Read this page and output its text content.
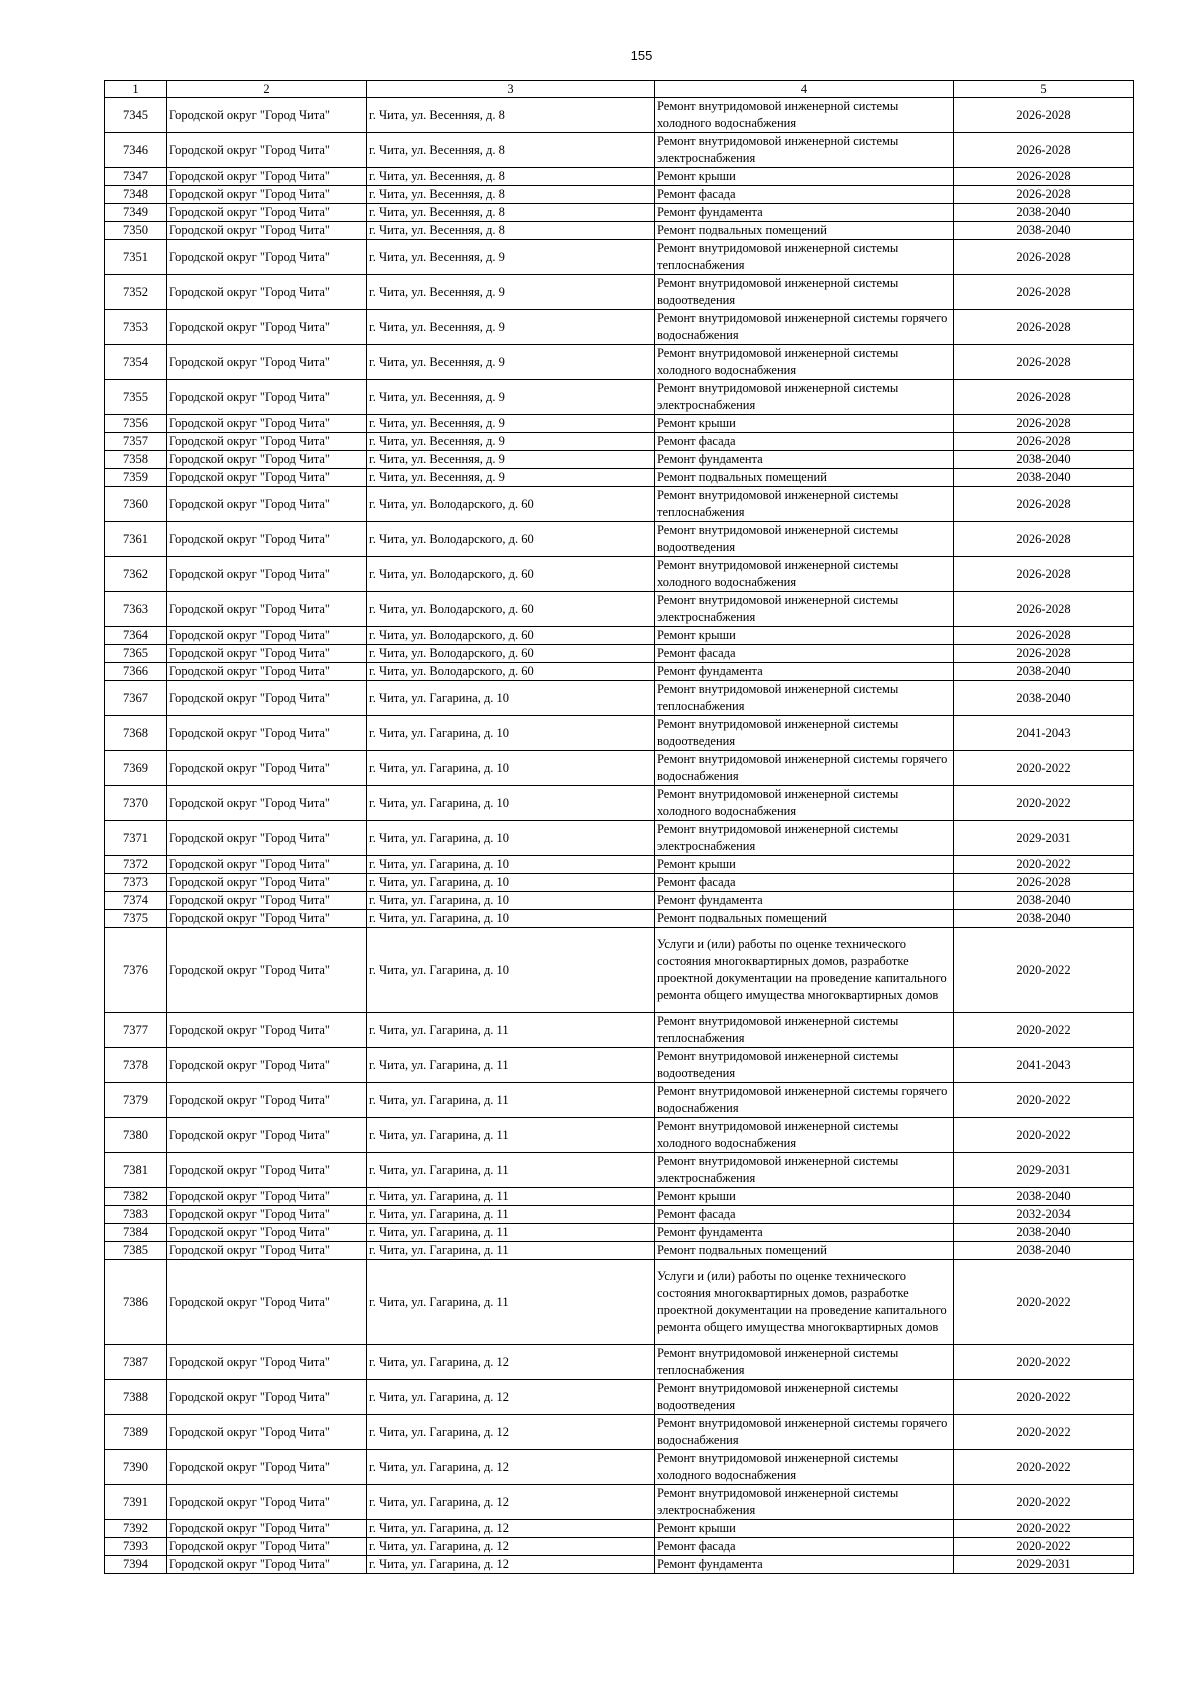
155
1	2	3	4	5
7345	Городской округ "Город Чита"	г. Чита, ул. Весенняя, д. 8	Ремонт внутридомовой инженерной системы холодного водоснабжения	2026-2028
7346	Городской округ "Город Чита"	г. Чита, ул. Весенняя, д. 8	Ремонт внутридомовой инженерной системы электроснабжения	2026-2028
7347	Городской округ "Город Чита"	г. Чита, ул. Весенняя, д. 8	Ремонт крыши	2026-2028
7348	Городской округ "Город Чита"	г. Чита, ул. Весенняя, д. 8	Ремонт фасада	2026-2028
7349	Городской округ "Город Чита"	г. Чита, ул. Весенняя, д. 8	Ремонт фундамента	2038-2040
7350	Городской округ "Город Чита"	г. Чита, ул. Весенняя, д. 8	Ремонт подвальных помещений	2038-2040
7351	Городской округ "Город Чита"	г. Чита, ул. Весенняя, д. 9	Ремонт внутридомовой инженерной системы теплоснабжения	2026-2028
7352	Городской округ "Город Чита"	г. Чита, ул. Весенняя, д. 9	Ремонт внутридомовой инженерной системы водоотведения	2026-2028
7353	Городской округ "Город Чита"	г. Чита, ул. Весенняя, д. 9	Ремонт внутридомовой инженерной системы горячего водоснабжения	2026-2028
7354	Городской округ "Город Чита"	г. Чита, ул. Весенняя, д. 9	Ремонт внутридомовой инженерной системы холодного водоснабжения	2026-2028
7355	Городской округ "Город Чита"	г. Чита, ул. Весенняя, д. 9	Ремонт внутридомовой инженерной системы электроснабжения	2026-2028
7356	Городской округ "Город Чита"	г. Чита, ул. Весенняя, д. 9	Ремонт крыши	2026-2028
7357	Городской округ "Город Чита"	г. Чита, ул. Весенняя, д. 9	Ремонт фасада	2026-2028
7358	Городской округ "Город Чита"	г. Чита, ул. Весенняя, д. 9	Ремонт фундамента	2038-2040
7359	Городской округ "Город Чита"	г. Чита, ул. Весенняя, д. 9	Ремонт подвальных помещений	2038-2040
7360	Городской округ "Город Чита"	г. Чита, ул. Володарского, д. 60	Ремонт внутридомовой инженерной системы теплоснабжения	2026-2028
7361	Городской округ "Город Чита"	г. Чита, ул. Володарского, д. 60	Ремонт внутридомовой инженерной системы водоотведения	2026-2028
7362	Городской округ "Город Чита"	г. Чита, ул. Володарского, д. 60	Ремонт внутридомовой инженерной системы холодного водоснабжения	2026-2028
7363	Городской округ "Город Чита"	г. Чита, ул. Володарского, д. 60	Ремонт внутридомовой инженерной системы электроснабжения	2026-2028
7364	Городской округ "Город Чита"	г. Чита, ул. Володарского, д. 60	Ремонт крыши	2026-2028
7365	Городской округ "Город Чита"	г. Чита, ул. Володарского, д. 60	Ремонт фасада	2026-2028
7366	Городской округ "Город Чита"	г. Чита, ул. Володарского, д. 60	Ремонт фундамента	2038-2040
7367	Городской округ "Город Чита"	г. Чита, ул. Гагарина, д. 10	Ремонт внутридомовой инженерной системы теплоснабжения	2038-2040
7368	Городской округ "Город Чита"	г. Чита, ул. Гагарина, д. 10	Ремонт внутридомовой инженерной системы водоотведения	2041-2043
7369	Городской округ "Город Чита"	г. Чита, ул. Гагарина, д. 10	Ремонт внутридомовой инженерной системы горячего водоснабжения	2020-2022
7370	Городской округ "Город Чита"	г. Чита, ул. Гагарина, д. 10	Ремонт внутридомовой инженерной системы холодного водоснабжения	2020-2022
7371	Городской округ "Город Чита"	г. Чита, ул. Гагарина, д. 10	Ремонт внутридомовой инженерной системы электроснабжения	2029-2031
7372	Городской округ "Город Чита"	г. Чита, ул. Гагарина, д. 10	Ремонт крыши	2020-2022
7373	Городской округ "Город Чита"	г. Чита, ул. Гагарина, д. 10	Ремонт фасада	2026-2028
7374	Городской округ "Город Чита"	г. Чита, ул. Гагарина, д. 10	Ремонт фундамента	2038-2040
7375	Городской округ "Город Чита"	г. Чита, ул. Гагарина, д. 10	Ремонт подвальных помещений	2038-2040
7376	Городской округ "Город Чита"	г. Чита, ул. Гагарина, д. 10	Услуги и (или) работы по оценке технического состояния многоквартирных домов, разработке проектной документации на проведение капитального ремонта общего имущества многоквартирных домов	2020-2022
7377	Городской округ "Город Чита"	г. Чита, ул. Гагарина, д. 11	Ремонт внутридомовой инженерной системы теплоснабжения	2020-2022
7378	Городской округ "Город Чита"	г. Чита, ул. Гагарина, д. 11	Ремонт внутридомовой инженерной системы водоотведения	2041-2043
7379	Городской округ "Город Чита"	г. Чита, ул. Гагарина, д. 11	Ремонт внутридомовой инженерной системы горячего водоснабжения	2020-2022
7380	Городской округ "Город Чита"	г. Чита, ул. Гагарина, д. 11	Ремонт внутридомовой инженерной системы холодного водоснабжения	2020-2022
7381	Городской округ "Город Чита"	г. Чита, ул. Гагарина, д. 11	Ремонт внутридомовой инженерной системы электроснабжения	2029-2031
7382	Городской округ "Город Чита"	г. Чита, ул. Гагарина, д. 11	Ремонт крыши	2038-2040
7383	Городской округ "Город Чита"	г. Чита, ул. Гагарина, д. 11	Ремонт фасада	2032-2034
7384	Городской округ "Город Чита"	г. Чита, ул. Гагарина, д. 11	Ремонт фундамента	2038-2040
7385	Городской округ "Город Чита"	г. Чита, ул. Гагарина, д. 11	Ремонт подвальных помещений	2038-2040
7386	Городской округ "Город Чита"	г. Чита, ул. Гагарина, д. 11	Услуги и (или) работы по оценке технического состояния многоквартирных домов, разработке проектной документации на проведение капитального ремонта общего имущества многоквартирных домов	2020-2022
7387	Городской округ "Город Чита"	г. Чита, ул. Гагарина, д. 12	Ремонт внутридомовой инженерной системы теплоснабжения	2020-2022
7388	Городской округ "Город Чита"	г. Чита, ул. Гагарина, д. 12	Ремонт внутридомовой инженерной системы водоотведения	2020-2022
7389	Городской округ "Город Чита"	г. Чита, ул. Гагарина, д. 12	Ремонт внутридомовой инженерной системы горячего водоснабжения	2020-2022
7390	Городской округ "Город Чита"	г. Чита, ул. Гагарина, д. 12	Ремонт внутридомовой инженерной системы холодного водоснабжения	2020-2022
7391	Городской округ "Город Чита"	г. Чита, ул. Гагарина, д. 12	Ремонт внутридомовой инженерной системы электроснабжения	2020-2022
7392	Городской округ "Город Чита"	г. Чита, ул. Гагарина, д. 12	Ремонт крыши	2020-2022
7393	Городской округ "Город Чита"	г. Чита, ул. Гагарина, д. 12	Ремонт фасада	2020-2022
7394	Городской округ "Город Чита"	г. Чита, ул. Гагарина, д. 12	Ремонт фундамента	2029-2031
